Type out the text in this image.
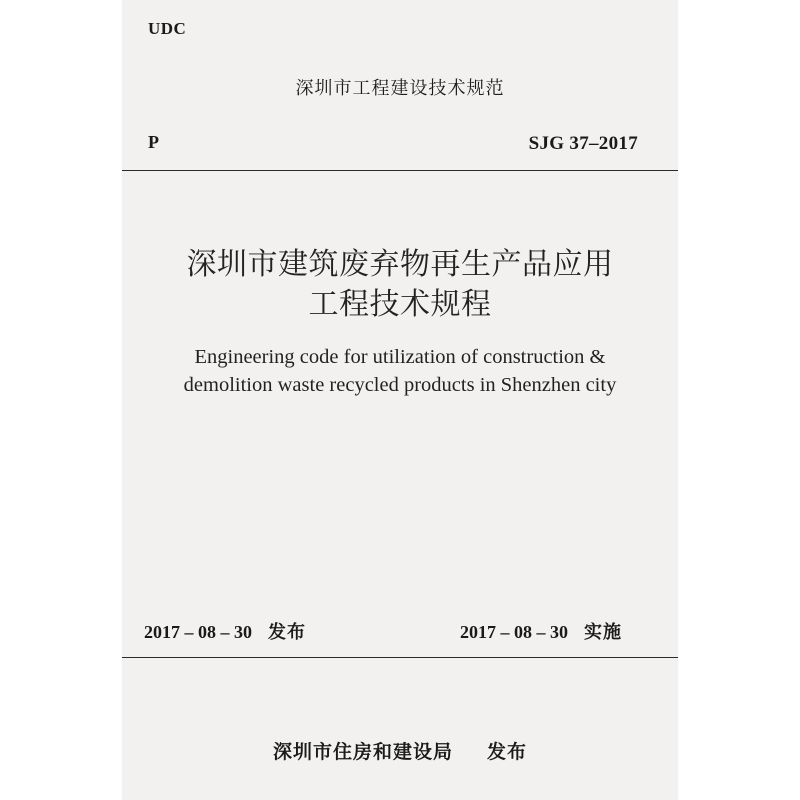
UDC
深圳市工程建设技术规范
P	SJG 37–2017
深圳市建筑废弃物再生产品应用
工程技术规程
Engineering code for utilization of construction &
demolition waste recycled products in Shenzhen city
2017 – 08 – 30 发布	2017 – 08 – 30 实施
深圳市住房和建设局 发布
